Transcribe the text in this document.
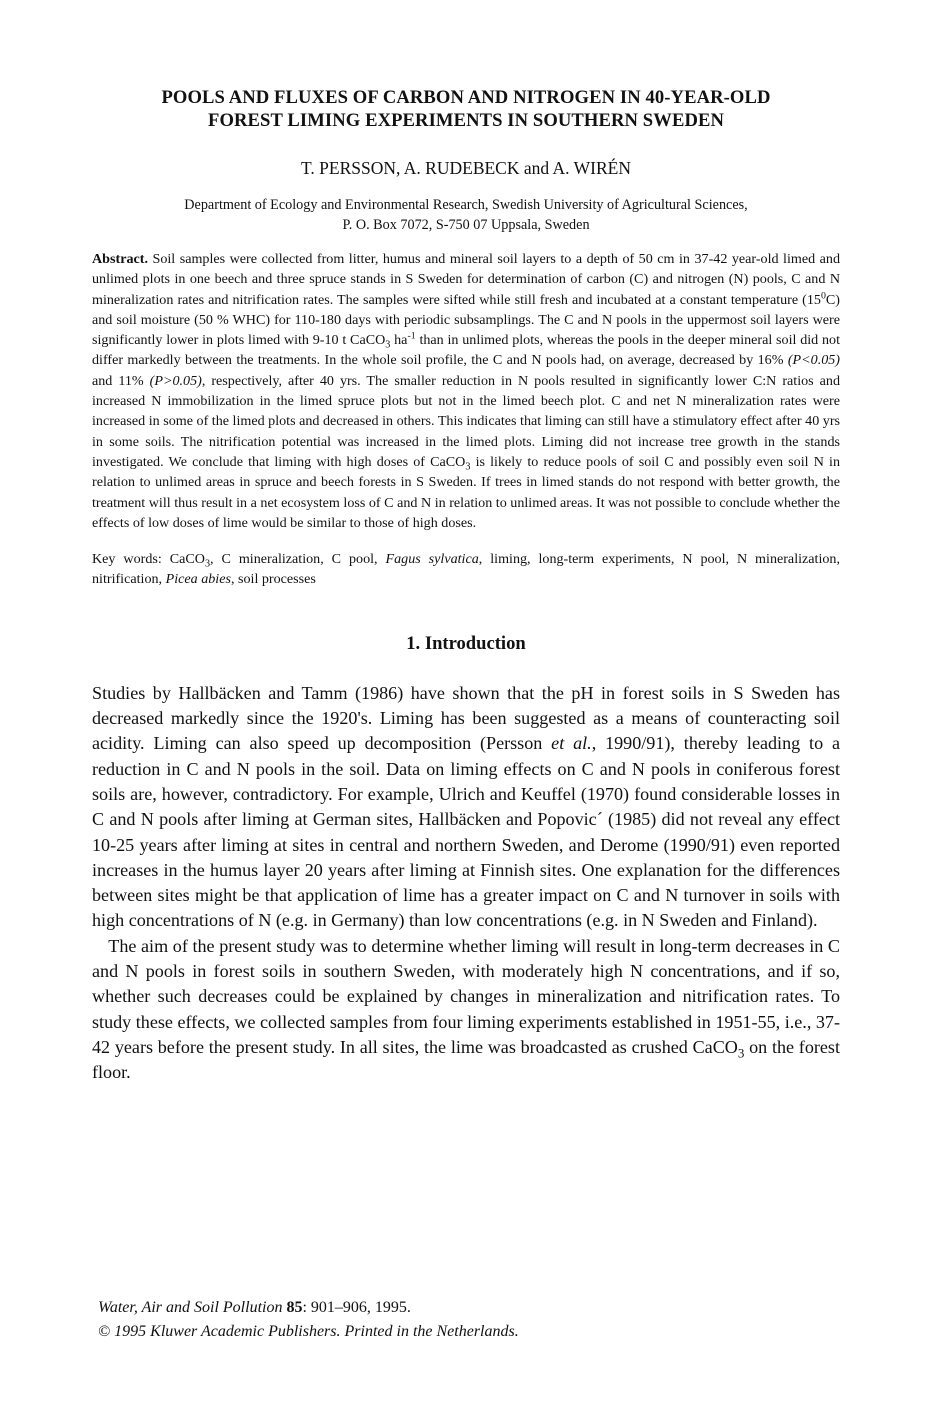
POOLS AND FLUXES OF CARBON AND NITROGEN IN 40-YEAR-OLD
FOREST LIMING EXPERIMENTS IN SOUTHERN SWEDEN
T. PERSSON, A. RUDEBECK and A. WIRÉN
Department of Ecology and Environmental Research, Swedish University of Agricultural Sciences,
P. O. Box 7072, S-750 07 Uppsala, Sweden
Abstract. Soil samples were collected from litter, humus and mineral soil layers to a depth of 50 cm in 37-42 year-old limed and unlimed plots in one beech and three spruce stands in S Sweden for determination of carbon (C) and nitrogen (N) pools, C and N mineralization rates and nitrification rates. The samples were sifted while still fresh and incubated at a constant temperature $(15^0C)$ and soil moisture (50 % WHC) for 110-180 days with periodic subsamplings. The C and N pools in the uppermost soil layers were significantly lower in plots limed with 9-10 t CaCO$_3$ $ha^{-1}$ than in unlimed plots, whereas the pools in the deeper mineral soil did not differ markedly between the treatments. In the whole soil profile, the C and N pools had, on average, decreased by 16% (P<0.05) and 11% (P>0.05), respectively, after 40 yrs. The smaller reduction in N pools resulted in significantly lower C:N ratios and increased N immobilization in the limed spruce plots but not in the limed beech plot. C and net N mineralization rates were increased in some of the limed plots and decreased in others. This indicates that liming can still have a stimulatory effect after 40 yrs in some soils. The nitrification potential was increased in the limed plots. Liming did not increase tree growth in the stands investigated. We conclude that liming with high doses of CaCO$_3$ is likely to reduce pools of soil C and possibly even soil N in relation to unlimed areas in spruce and beech forests in S Sweden. If trees in limed stands do not respond with better growth, the treatment will thus result in a net ecosystem loss of C and N in relation to unlimed areas. It was not possible to conclude whether the effects of low doses of lime would be similar to those of high doses.
Key words: CaCO$_3$, C mineralization, C pool, Fagus sylvatica, liming, long-term experiments, N pool, N mineralization, nitrification, Picea abies, soil processes
1. Introduction

Studies by Hallbäcken and Tamm (1986) have shown that the pH in forest soils in S Sweden has decreased markedly since the 1920's. Liming has been suggested as a means of counteracting soil acidity. Liming can also speed up decomposition (Persson et al., 1990/91), thereby leading to a reduction in C and N pools in the soil. Data on liming effects on C and N pools in coniferous forest soils are, however, contradictory. For example, Ulrich and Keuffel (1970) found considerable losses in C and N pools after liming at German sites, Hallbäcken and Popovic´ (1985) did not reveal any effect 10-25 years after liming at sites in central and northern Sweden, and Derome (1990/91) even reported increases in the humus layer 20 years after liming at Finnish sites. One explanation for the differences between sites might be that application of lime has a greater impact on C and N turnover in soils with high concentrations of N (e.g. in Germany) than low concentrations (e.g. in N Sweden and Finland).

The aim of the present study was to determine whether liming will result in long-term decreases in C and N pools in forest soils in southern Sweden, with moderately high N concentrations, and if so, whether such decreases could be explained by changes in mineralization and nitrification rates. To study these effects, we collected samples from four liming experiments established in 1951-55, i.e., 37-42 years before the present study. In all sites, the lime was broadcasted as crushed CaCO$_3$ on the forest floor.

Water, Air and Soil Pollution 85: 901–906, 1995.
© 1995 Kluwer Academic Publishers. Printed in the Netherlands.
